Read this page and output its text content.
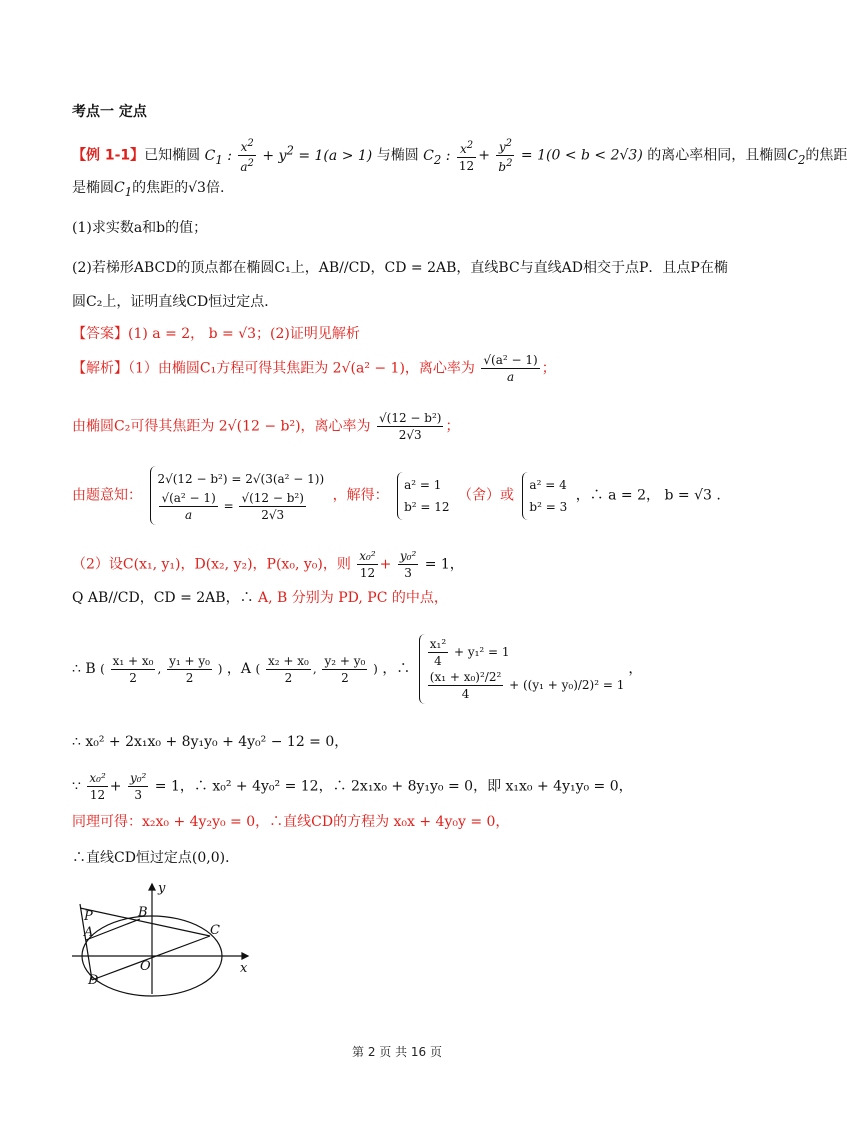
考点一 定点
【例 1-1】已知椭圆 $C_1$ : $\frac{x^2}{a^2} + y^2 = 1(a > 1)$ 与椭圆 $C_2$ : $\frac{x^2}{12} + \frac{y^2}{b^2} = 1(0 < b < 2√3)$ 的离心率相同，且椭圆$C_2$的焦距
是椭圆$C_1$的焦距的√3倍.
(1)求实数a和b的值；
(2)若梯形ABCD的顶点都在椭圆C₁上，AB//CD，CD = 2AB，直线BC与直线AD相交于点P．且点P在椭
圆C₂上，证明直线CD恒过定点．
【答案】(1) a = 2， b = √3；(2)证明见解析
【解析】（1）由椭圆C₁方程可得其焦距为 2√(a² − 1)，离心率为 $\frac{\text{√(a² − 1)}}{a}$ ；
由椭圆C₂可得其焦距为 2√(12 − b²)，离心率为 $\frac{\text{√(12 − b²)}}{2√3}$ ；
由题意知：
2√(12 − b²) = 2√(3(a² − 1))
$\frac{\text{√(a² − 1)}}{a} = \frac{\text{√(12 − b²)}}{2√3}$ ，解得：
a² = 1
b² = 12
（舍）或
a² = 4
b² = 3
，∴ a = 2， b = √3 .
（2）设C(x₁, y₁)，D(x₂, y₂)，P(x₀, y₀)，则 $\frac{\text{x₀²}}{12} + \frac{\text{y₀²}}{3} = 1$，
Q AB//CD，CD = 2AB，∴ A, B 分别为 PD, PC 的中点，
∴ B ( $\frac{\text{x₁ + x₀}}{2}$ , $\frac{\text{y₁ + y₀}}{2}$ ) ，A ( $\frac{\text{x₂ + x₀}}{2}$ , $\frac{\text{y₂ + y₀}}{2}$ ) ，∴ $\frac{\text{x₁²}}{4} + y_1^2 = 1$
$\frac{\text{(x₁ + x₀)²/2²}}{4} + ((y_1 + y_0)/2)^2 = 1$
，
∴ x₀² + 2x₁x₀ + 8y₁y₀ + 4y₀² − 12 = 0，
∵ $\frac{\text{x₀²}}{12} + \frac{\text{y₀²}}{3} = 1$，∴ x₀² + 4y₀² = 12，∴ 2x₁x₀ + 8y₁y₀ = 0，即 x₁x₀ + 4y₁y₀ = 0，
同理可得：x₂x₀ + 4y₂y₀ = 0，∴直线CD的方程为 x₀x + 4y₀y = 0，
∴直线CD恒过定点(0,0)．
y
x
O
P
A
B
C
D
第 2 页 共 16 页
